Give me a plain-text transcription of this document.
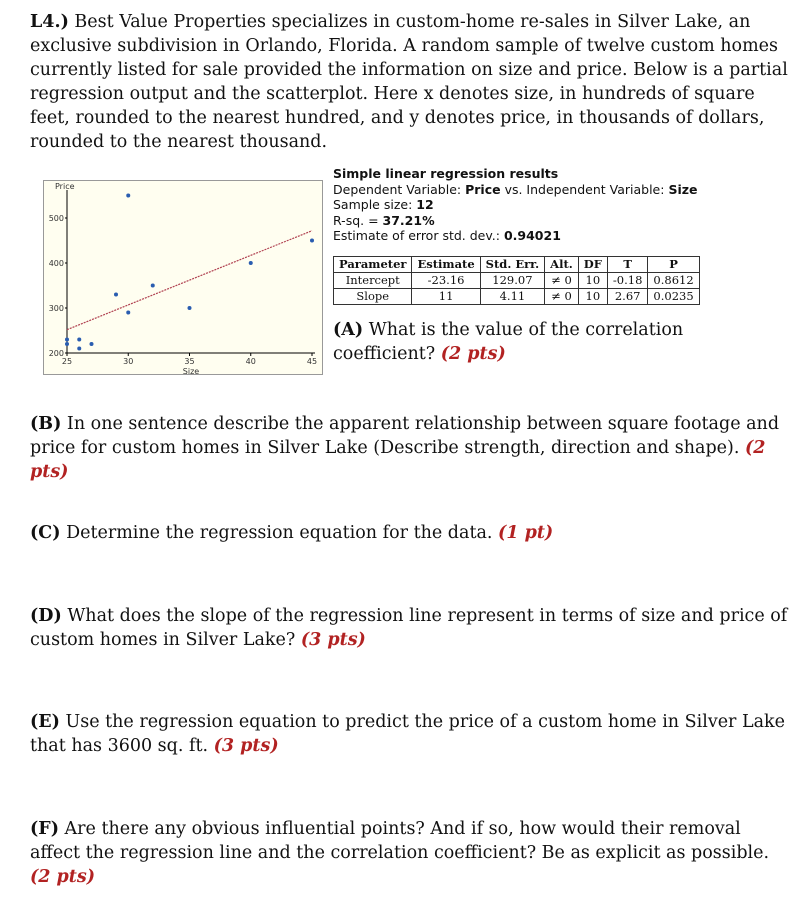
L4.) Best Value Properties specializes in custom-home re-sales in Silver Lake, an exclusive subdivision in Orlando, Florida. A random sample of twelve custom homes currently listed for sale provided the information on size and price. Below is a partial regression output and the scatterplot. Here x denotes size, in hundreds of square feet, rounded to the nearest hundred, and y denotes price, in thousands of dollars, rounded to the nearest thousand.
Price
Size
200
300
400
500
25	30	35	40	45
Simple linear regression results
Dependent Variable: Price vs. Independent Variable: Size
Sample size: 12
R-sq. = 37.21%
Estimate of error std. dev.: 0.94021
Parameter	Estimate	Std. Err.	Alt.	DF	T	P
Intercept	-23.16	129.07	≠ 0	10	-0.18	0.8612
Slope	11	4.11	≠ 0	10	2.67	0.0235
(A) What is the value of the correlation coefficient? (2 pts)
(B) In one sentence describe the apparent relationship between square footage and price for custom homes in Silver Lake (Describe strength, direction and shape). (2 pts)
(C) Determine the regression equation for the data. (1 pt)
(D) What does the slope of the regression line represent in terms of size and price of custom homes in Silver Lake? (3 pts)
(E) Use the regression equation to predict the price of a custom home in Silver Lake that has 3600 sq. ft. (3 pts)
(F) Are there any obvious influential points? And if so, how would their removal affect the regression line and the correlation coefficient? Be as explicit as possible. (2 pts)
